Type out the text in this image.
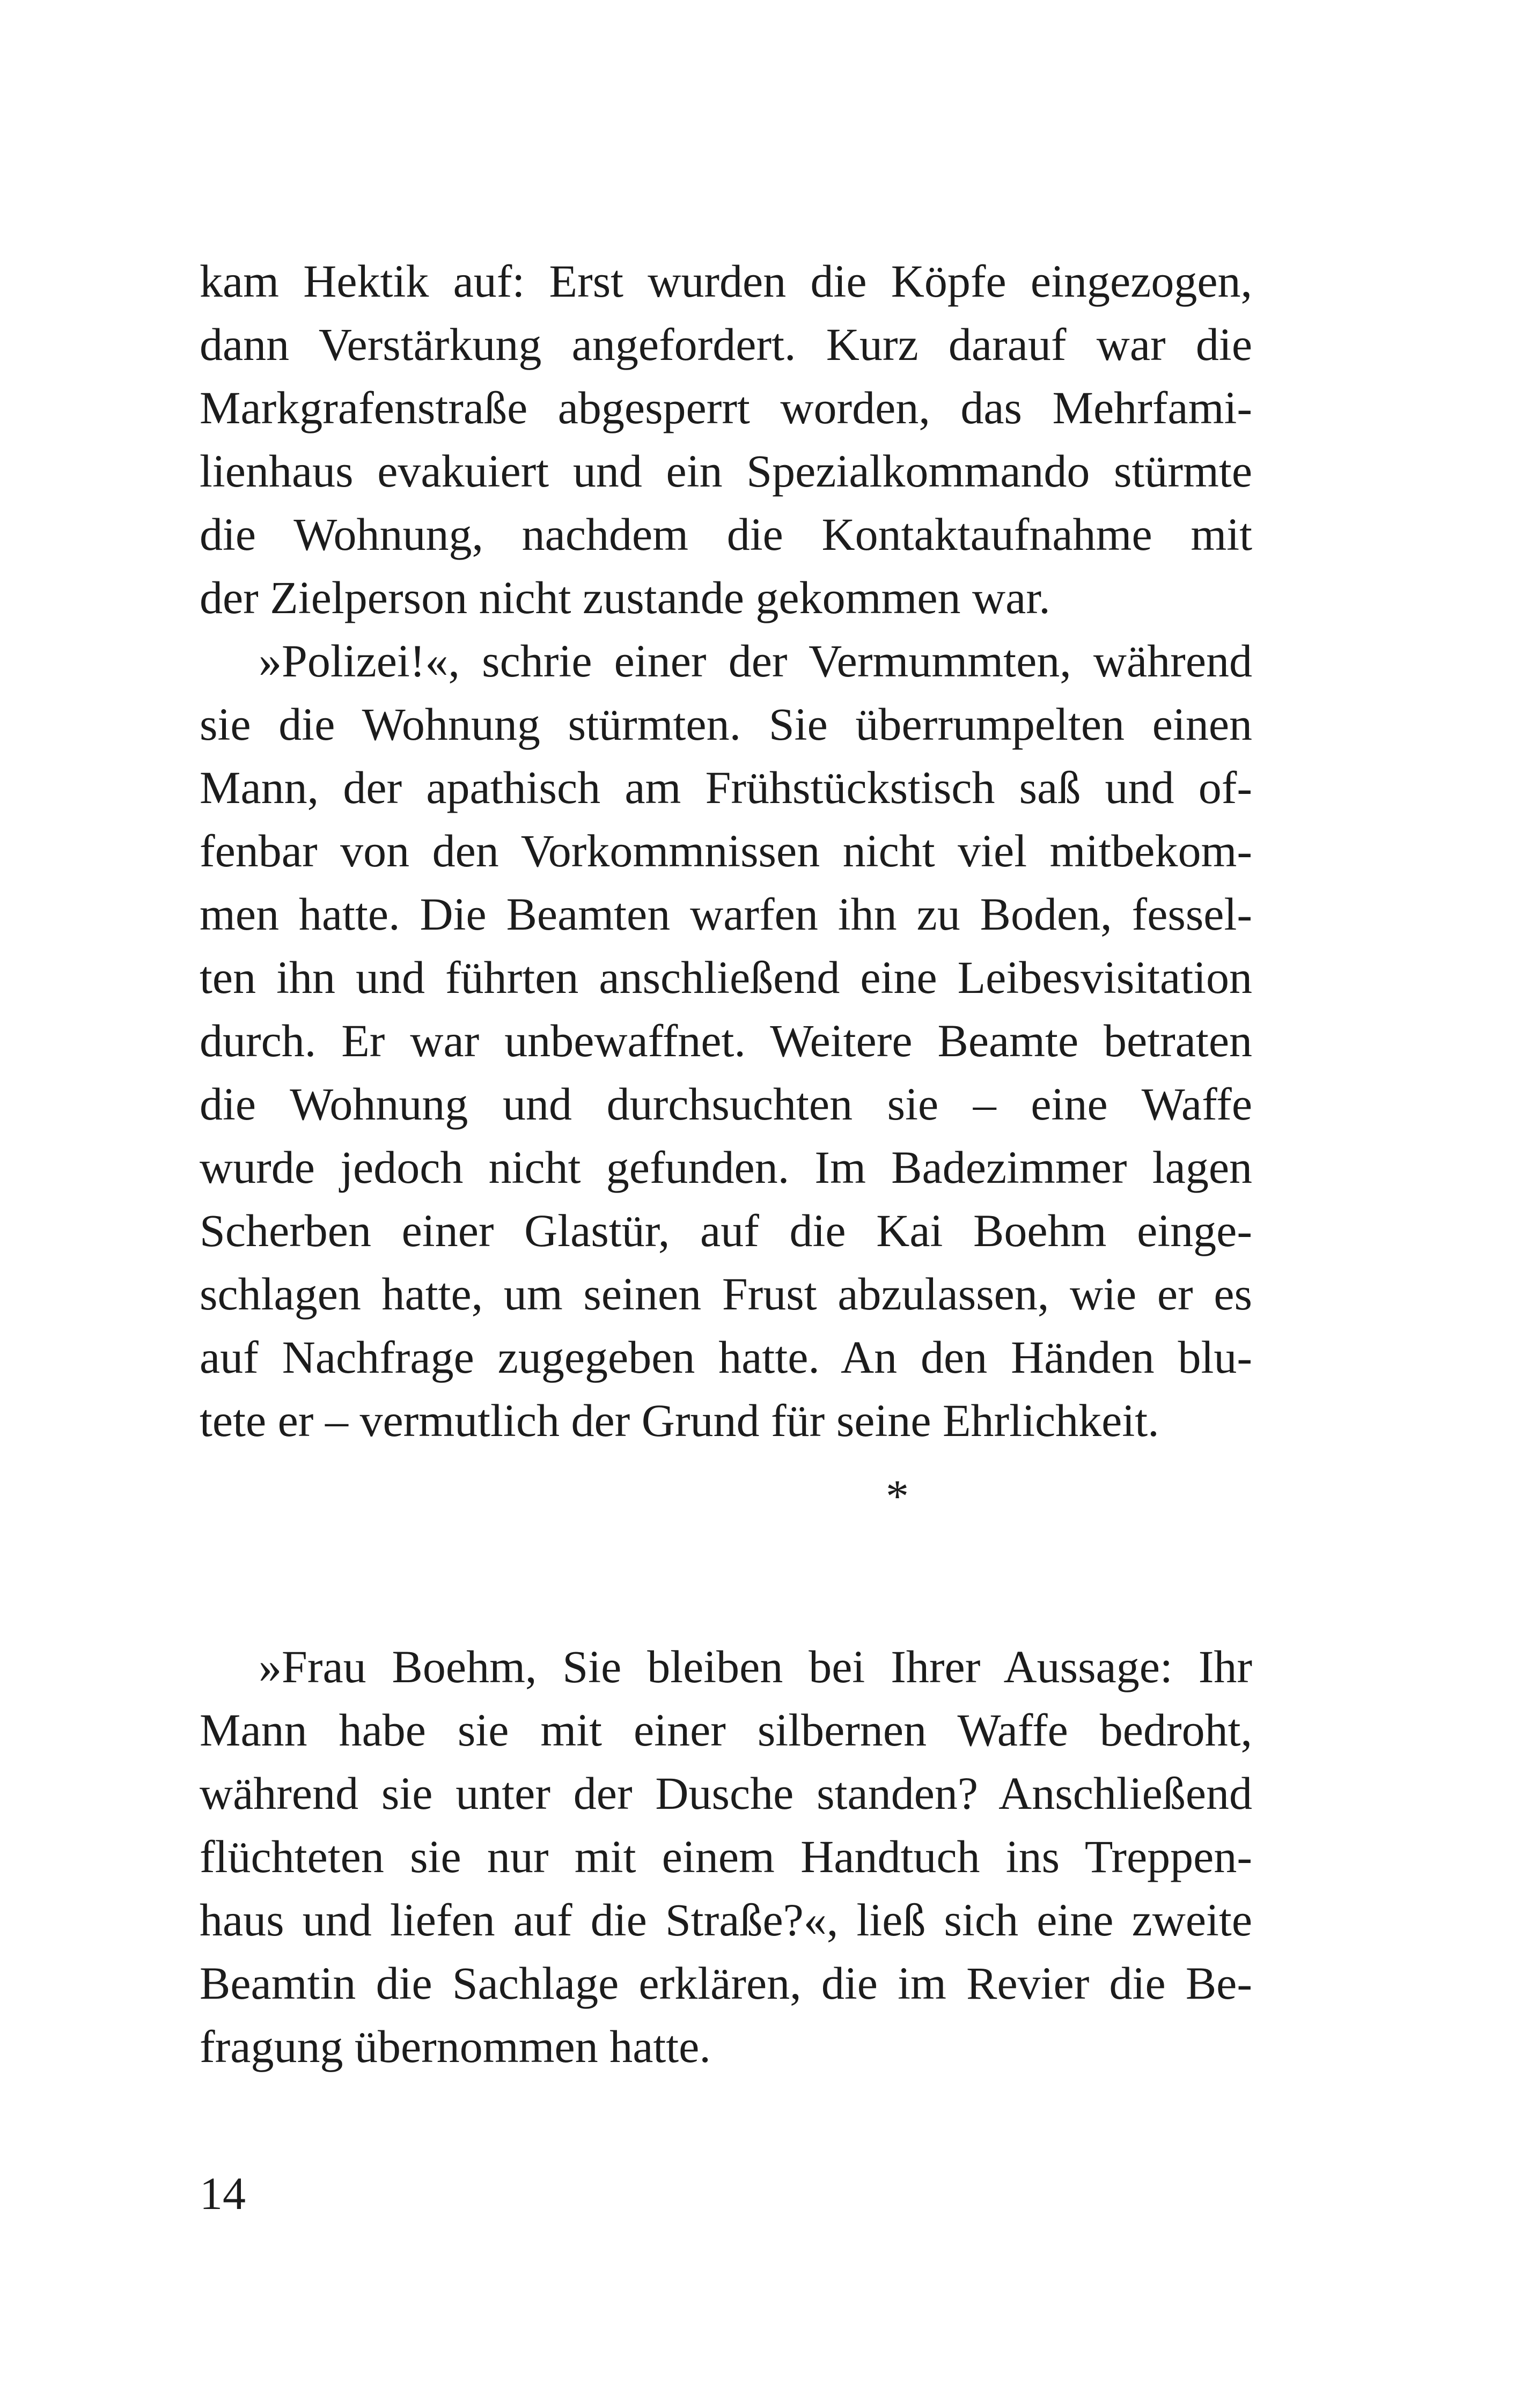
kam Hektik auf: Erst wurden die Köpfe eingezogen,
dann Verstärkung angefordert. Kurz darauf war die
Markgrafenstraße abgesperrt worden, das Mehrfami-
lienhaus evakuiert und ein Spezialkommando stürmte
die Wohnung, nachdem die Kontaktaufnahme mit
der Zielperson nicht zustande gekommen war.
»Polizei!«, schrie einer der Vermummten, während
sie die Wohnung stürmten. Sie überrumpelten einen
Mann, der apathisch am Frühstückstisch saß und of-
fenbar von den Vorkommnissen nicht viel mitbekom-
men hatte. Die Beamten warfen ihn zu Boden, fessel-
ten ihn und führten anschließend eine Leibesvisitation
durch. Er war unbewaffnet. Weitere Beamte betraten
die Wohnung und durchsuchten sie – eine Waffe
wurde jedoch nicht gefunden. Im Badezimmer lagen
Scherben einer Glastür, auf die Kai Boehm einge-
schlagen hatte, um seinen Frust abzulassen, wie er es
auf Nachfrage zugegeben hatte. An den Händen blu-
tete er – vermutlich der Grund für seine Ehrlichkeit.
*
»Frau Boehm, Sie bleiben bei Ihrer Aussage: Ihr
Mann habe sie mit einer silbernen Waffe bedroht,
während sie unter der Dusche standen? Anschließend
flüchteten sie nur mit einem Handtuch ins Treppen-
haus und liefen auf die Straße?«, ließ sich eine zweite
Beamtin die Sachlage erklären, die im Revier die Be-
fragung übernommen hatte.
14
